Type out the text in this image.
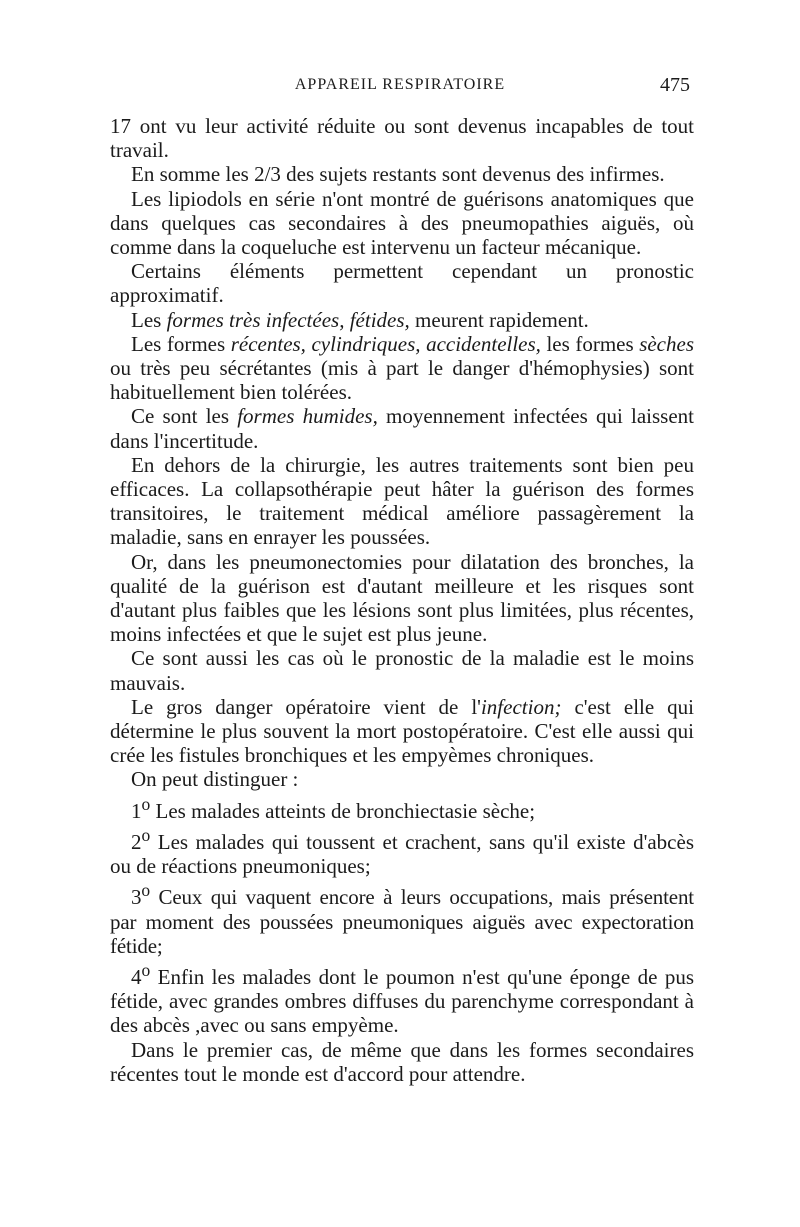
APPAREIL RESPIRATOIRE	475

17 ont vu leur activité réduite ou sont devenus incapables de tout travail.

En somme les 2/3 des sujets restants sont devenus des infirmes.

Les lipiodols en série n'ont montré de guérisons anatomiques que dans quelques cas secondaires à des pneumopathies aiguës, où comme dans la coqueluche est intervenu un facteur mécanique.

Certains éléments permettent cependant un pronostic approximatif.

Les formes très infectées, fétides, meurent rapidement.

Les formes récentes, cylindriques, accidentelles, les formes sèches ou très peu sécrétantes (mis à part le danger d'hémophysies) sont habituellement bien tolérées.

Ce sont les formes humides, moyennement infectées qui laissent dans l'incertitude.

En dehors de la chirurgie, les autres traitements sont bien peu efficaces. La collapsothérapie peut hâter la guérison des formes transitoires, le traitement médical améliore passagèrement la maladie, sans en enrayer les poussées.

Or, dans les pneumonectomies pour dilatation des bronches, la qualité de la guérison est d'autant meilleure et les risques sont d'autant plus faibles que les lésions sont plus limitées, plus récentes, moins infectées et que le sujet est plus jeune.

Ce sont aussi les cas où le pronostic de la maladie est le moins mauvais.

Le gros danger opératoire vient de l'infection; c'est elle qui détermine le plus souvent la mort postopératoire. C'est elle aussi qui crée les fistules bronchiques et les empyèmes chroniques.

On peut distinguer :

1$^o$ Les malades atteints de bronchiectasie sèche;

2$^o$ Les malades qui toussent et crachent, sans qu'il existe d'abcès ou de réactions pneumoniques;

3$^o$ Ceux qui vaquent encore à leurs occupations, mais présentent par moment des poussées pneumoniques aiguës avec expectoration fétide;

4$^o$ Enfin les malades dont le poumon n'est qu'une éponge de pus fétide, avec grandes ombres diffuses du parenchyme correspondant à des abcès ,avec ou sans empyème.

Dans le premier cas, de même que dans les formes secondaires récentes tout le monde est d'accord pour attendre.
